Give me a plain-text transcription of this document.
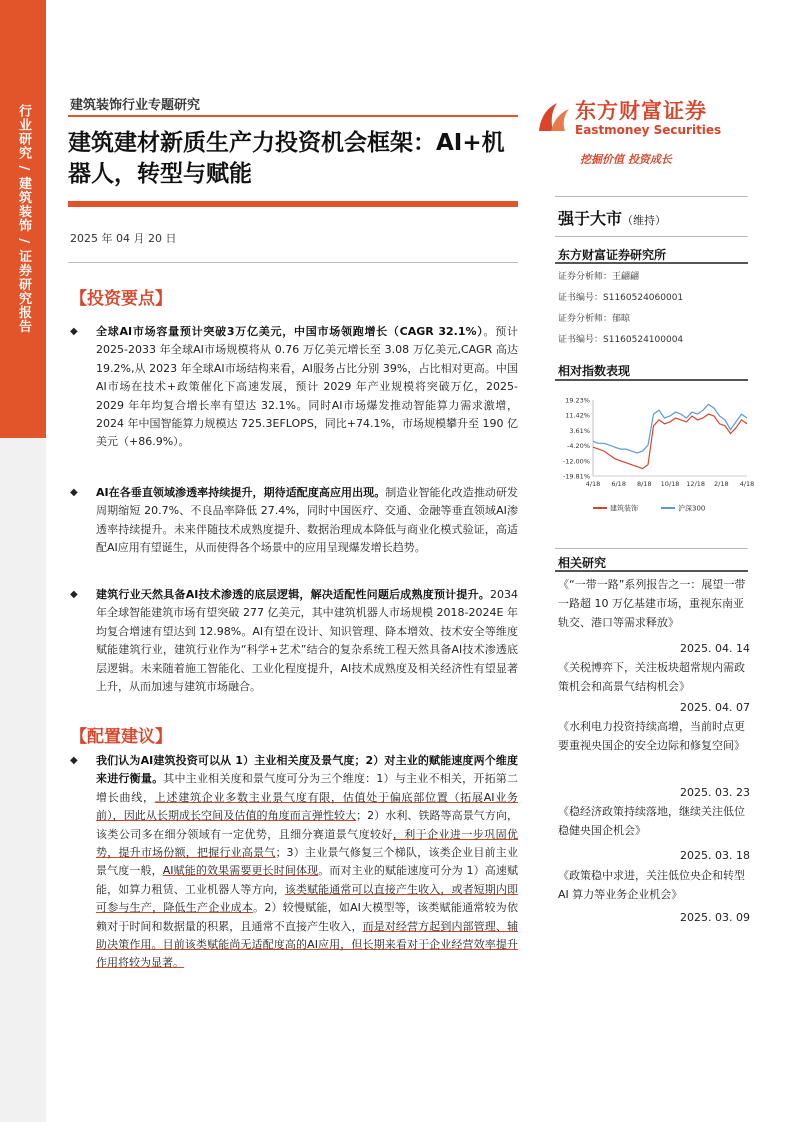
行业研究 / 建筑装饰 / 证券研究报告	建筑装饰行业专题研究
建筑建材新质生产力投资机会框架：AI+机器人，转型与赋能
2025 年 04 月 20 日
【投资要点】
◆ 全球AI市场容量预计突破3万亿美元，中国市场领跑增长（CAGR 32.1%）。预计 2025-2033 年全球AI市场规模将从 0.76 万亿美元增长至 3.08 万亿美元,CAGR 高达 19.2%,从 2023 年全球AI市场结构来看，AI服务占比分别 39%，占比相对更高。中国AI市场在技术+政策催化下高速发展，预计 2029 年产业规模将突破万亿，2025-2029 年年均复合增长率有望达 32.1%。同时AI市场爆发推动智能算力需求激增，2024 年中国智能算力规模达 725.3EFLOPS，同比+74.1%，市场规模攀升至 190 亿美元（+86.9%）。
◆ AI在各垂直领域渗透率持续提升，期待适配度高应用出现。制造业智能化改造推动研发周期缩短 20.7%、不良品率降低 27.4%，同时中国医疗、交通、金融等垂直领域AI渗透率持续提升。未来伴随技术成熟度提升、数据治理成本降低与商业化模式验证，高适配AI应用有望诞生，从而使得各个场景中的应用呈现爆发增长趋势。
◆ 建筑行业天然具备AI技术渗透的底层逻辑，解决适配性问题后成熟度预计提升。2034 年全球智能建筑市场有望突破 277 亿美元，其中建筑机器人市场规模 2018-2024E 年均复合增速有望达到 12.98%。AI有望在设计、知识管理、降本增效、技术安全等维度赋能建筑行业，建筑行业作为“科学+艺术”结合的复杂系统工程天然具备AI技术渗透底层逻辑。未来随着施工智能化、工业化程度提升，AI技术成熟度及相关经济性有望显著上升，从而加速与建筑市场融合。
【配置建议】
◆ 我们认为AI建筑投资可以从 1）主业相关度及景气度；2）对主业的赋能速度两个维度来进行衡量。其中主业相关度和景气度可分为三个维度：1）与主业不相关，开拓第二增长曲线，上述建筑企业多数主业景气度有限，估值处于偏底部位置（拓展AI业务前），因此从长期成长空间及估值的角度而言弹性较大；2）水利、铁路等高景气方向，该类公司多在细分领域有一定优势，且细分赛道景气度较好，利于企业进一步巩固优势，提升市场份额，把握行业高景气；3）主业景气修复三个梯队，该类企业目前主业景气度一般，AI赋能的效果需要更长时间体现。而对主业的赋能速度可分为 1）高速赋能，如算力租赁、工业机器人等方向，该类赋能通常可以直接产生收入，或者短期内即可参与生产，降低生产企业成本。2）较慢赋能，如AI大模型等，该类赋能通常较为依赖对于时间和数据量的积累，且通常不直接产生收入，而是对经营方起到内部管理、辅助决策作用。目前该类赋能尚无适配度高的AI应用，但长期来看对于企业经营效率提升作用将较为显著。
东方财富证券
Eastmoney Securities
挖掘价值 投资成长
强于大市（维持）
东方财富证券研究所
证券分析师：王翩翩
证书编号：S1160524060001
证券分析师：郁晾
证书编号：S1160524100004
相对指数表现
19.23%
11.42%
3.61%
-4.20%
-12.00%
-19.81%
4/18 6/18 8/18 10/18 12/18 2/18 4/18
建筑装饰	沪深300
相关研究
《“一带一路”系列报告之一：展望一带一路超 10 万亿基建市场，重视东南亚轨交、港口等需求释放》
2025. 04. 14
《关税博弈下，关注板块超常规内需政策机会和高景气结构机会》
2025. 04. 07
《水利电力投资持续高增，当前时点更要重视央国企的安全边际和修复空间》
2025. 03. 23
《稳经济政策持续落地，继续关注低位稳健央国企机会》
2025. 03. 18
《政策稳中求进，关注低位央企和转型 AI 算力等业务企业机会》
2025. 03. 09
